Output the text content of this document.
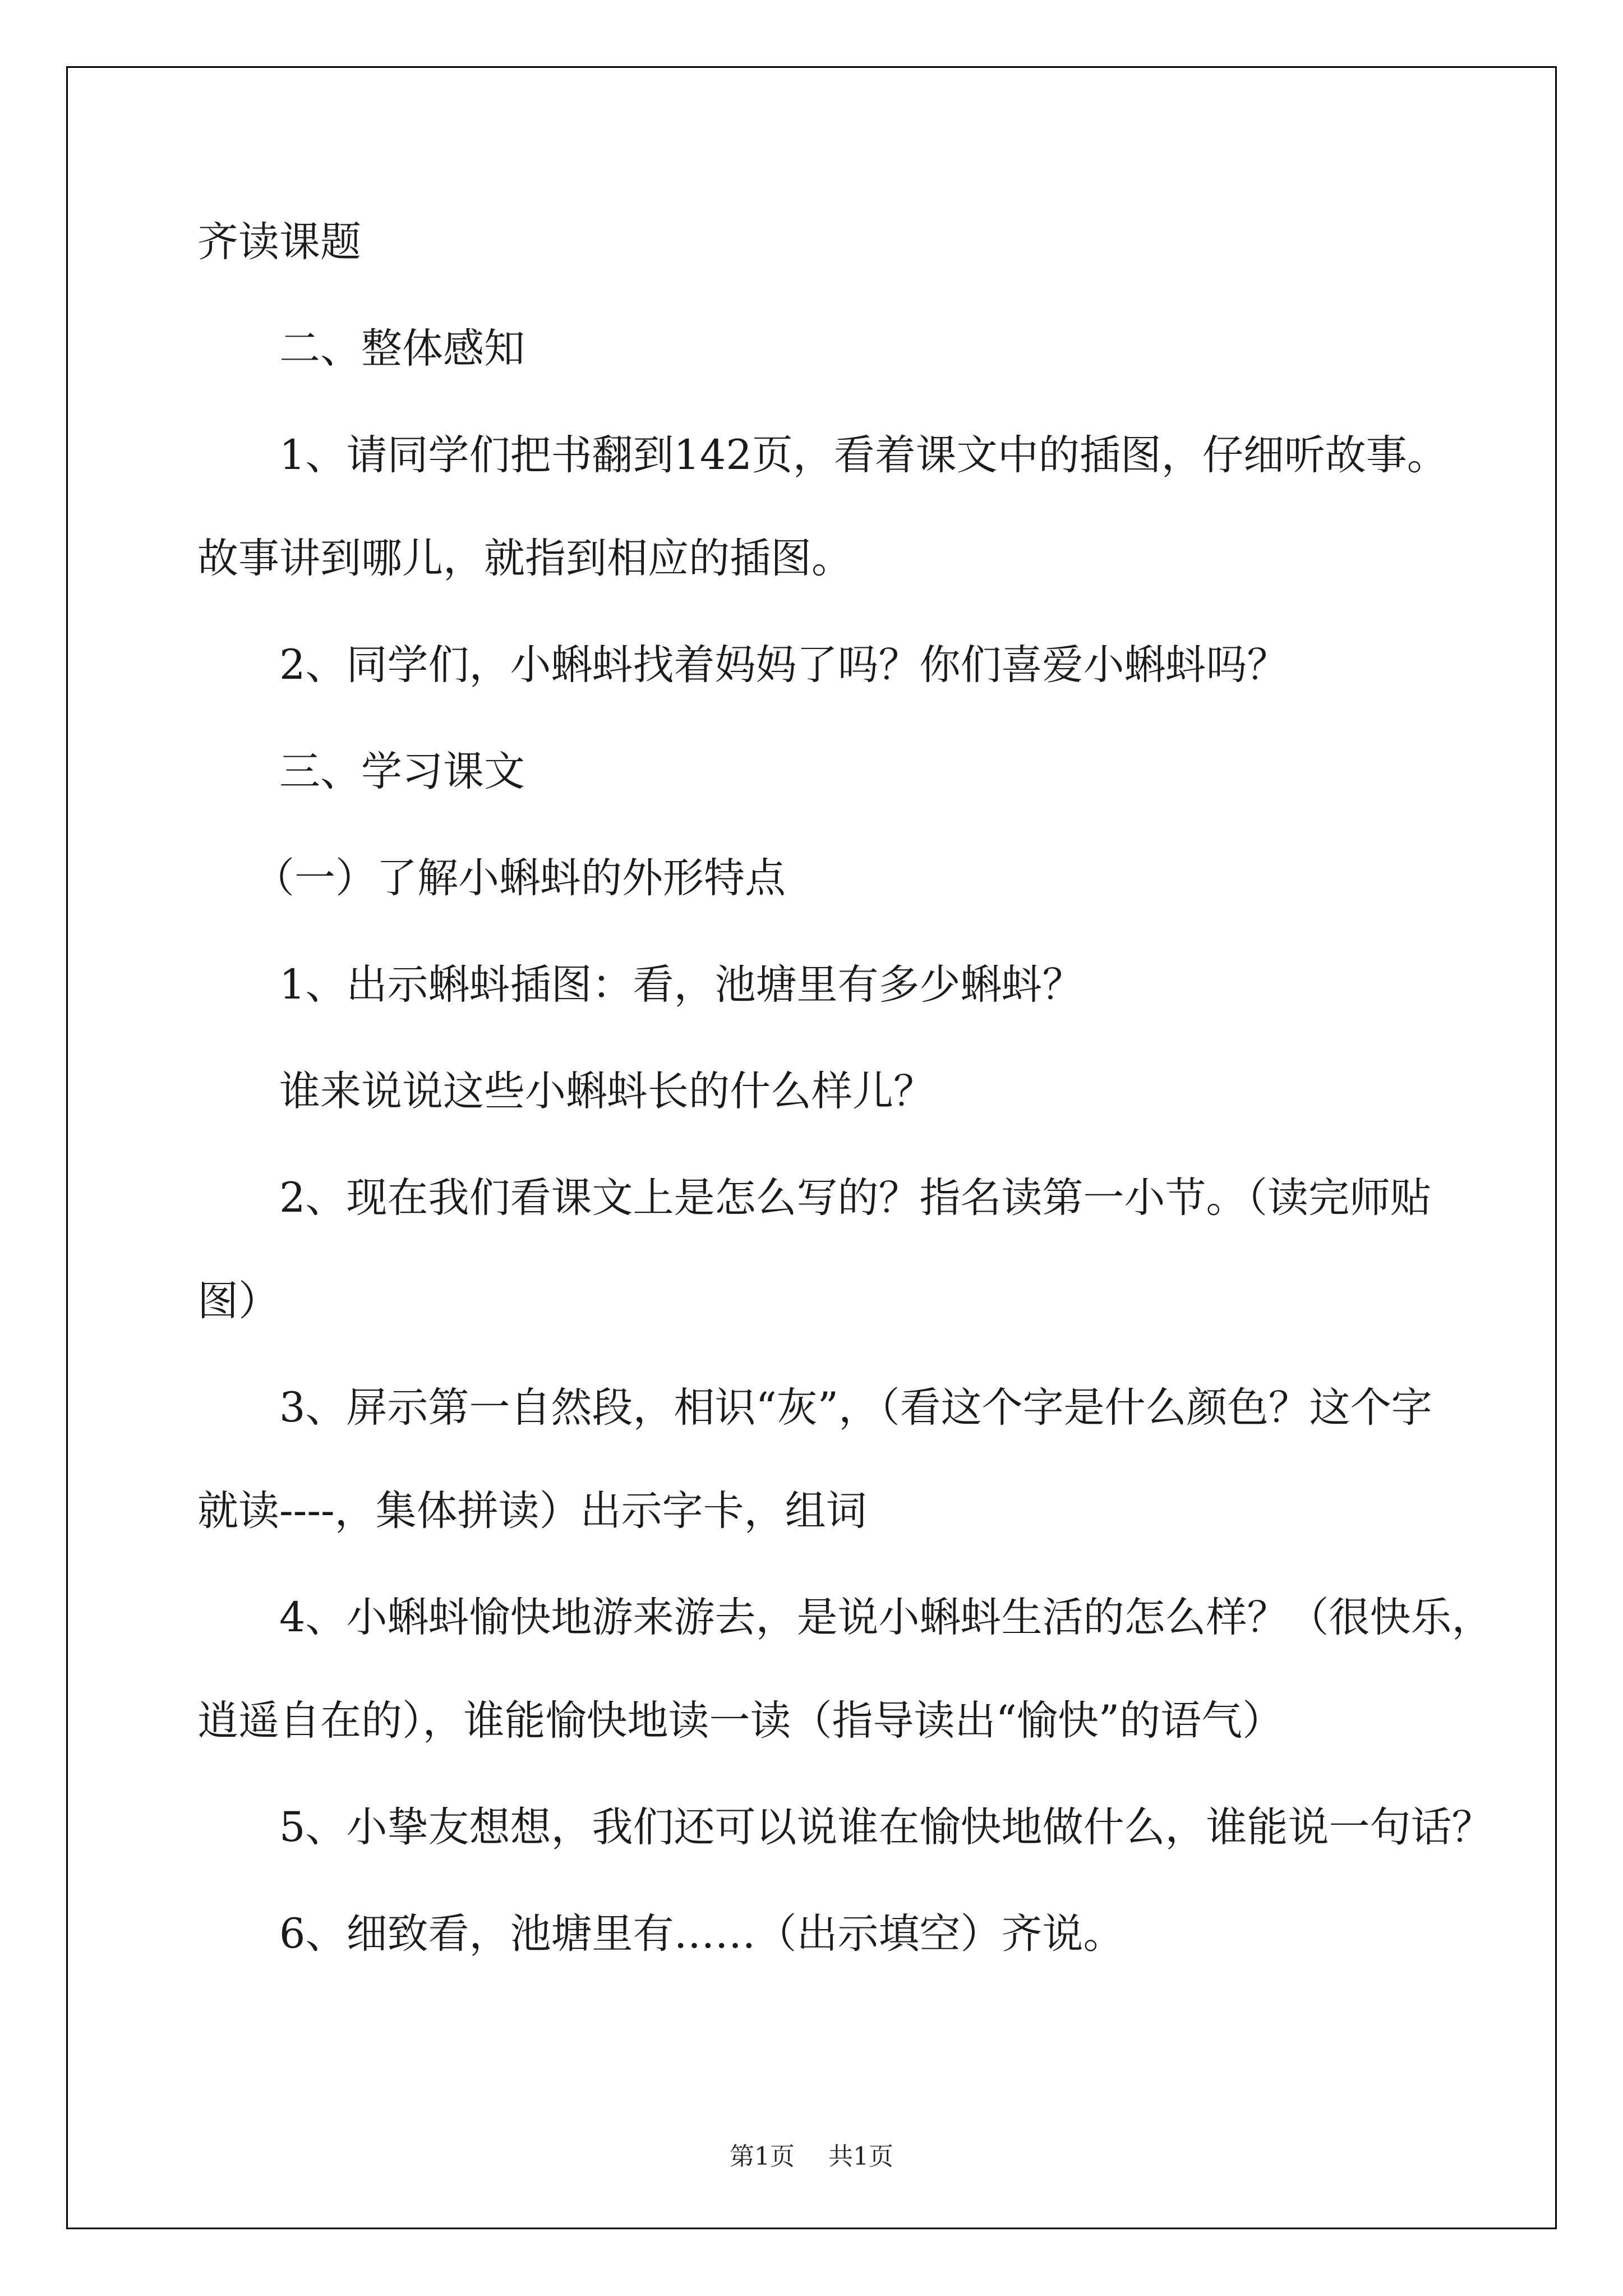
齐读课题

二、整体感知

1、请同学们把书翻到142页，看着课文中的插图，仔细听故事。

故事讲到哪儿，就指到相应的插图。

2、同学们，小蝌蚪找着妈妈了吗？你们喜爱小蝌蚪吗？

三、学习课文

（一）了解小蝌蚪的外形特点

1、出示蝌蚪插图：看，池塘里有多少蝌蚪？

谁来说说这些小蝌蚪长的什么样儿？

2、现在我们看课文上是怎么写的？指名读第一小节。（读完师贴

图）

3、屏示第一自然段，相识“灰”，（看这个字是什么颜色？这个字

就读----，集体拼读）出示字卡，组词

4、小蝌蚪愉快地游来游去，是说小蝌蚪生活的怎么样？（很快乐，

逍遥自在的），谁能愉快地读一读（指导读出“愉快”的语气）

5、小挚友想想，我们还可以说谁在愉快地做什么，谁能说一句话？

6、细致看，池塘里有……（出示填空）齐说。

第1页 共1页
